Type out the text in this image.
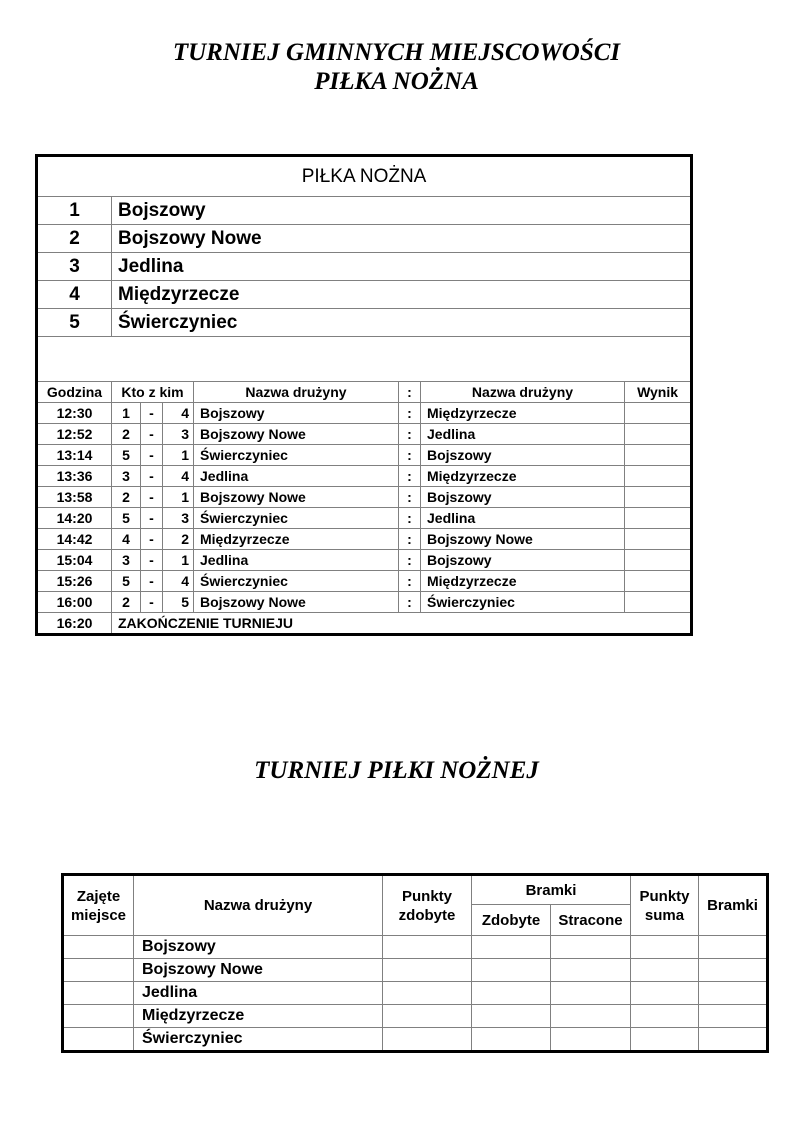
TURNIEJ GMINNYCH MIEJSCOWOŚCI
PIŁKA NOŻNA
PIŁKA NOŻNA							
1	Bojszowy						
2	Bojszowy Nowe						
3	Jedlina						
4	Międzyrzecze						
5	Świerczyniec						

Godzina	Kto z kim			Nazwa drużyny	:	Nazwa drużyny	Wynik
12:30	1	-	4	Bojszowy	:	Międzyrzecze	
12:52	2	-	3	Bojszowy Nowe	:	Jedlina	
13:14	5	-	1	Świerczyniec	:	Bojszowy	
13:36	3	-	4	Jedlina	:	Międzyrzecze	
13:58	2	-	1	Bojszowy Nowe	:	Bojszowy	
14:20	5	-	3	Świerczyniec	:	Jedlina	
14:42	4	-	2	Międzyrzecze	:	Bojszowy Nowe	
15:04	3	-	1	Jedlina	:	Bojszowy	
15:26	5	-	4	Świerczyniec	:	Międzyrzecze	
16:00	2	-	5	Bojszowy Nowe	:	Świerczyniec	
16:20	ZAKOŃCZENIE TURNIEJU						
TURNIEJ PIŁKI NOŻNEJ
Zajęte miejsce	Nazwa drużyny	Punkty zdobyte	Bramki		Punkty suma	Bramki
			Zdobyte	Stracone		
	Bojszowy					
	Bojszowy Nowe					
	Jedlina					
	Międzyrzecze					
	Świerczyniec					
